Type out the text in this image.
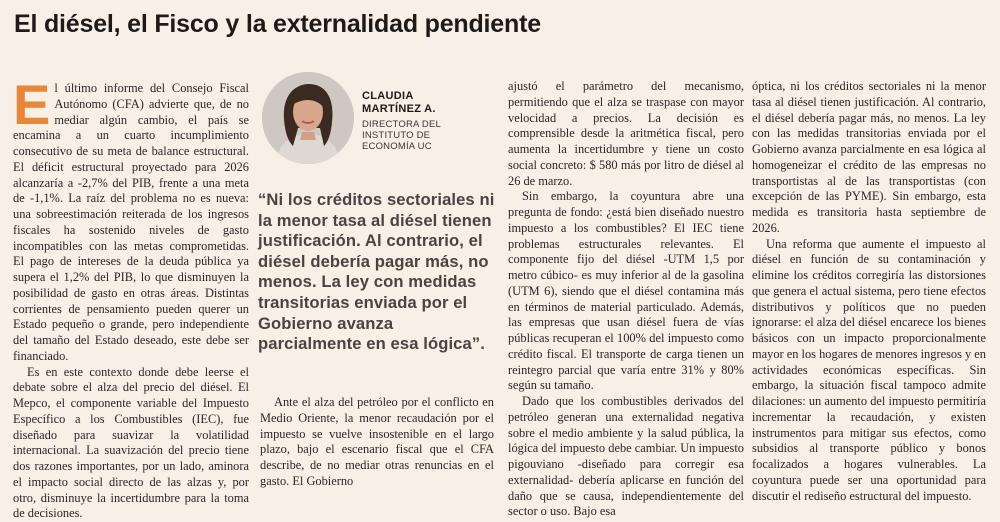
El diésel, el Fisco y la externalidad pendiente

El último informe del Consejo Fiscal Autónomo (CFA) advierte que, de no mediar algún cambio, el país se encamina a un cuarto incumplimiento consecutivo de su meta de balance estructural. El déficit estructural proyectado para 2026 alcanzaría a -2,7% del PIB, frente a una meta de -1,1%. La raíz del problema no es nueva: una sobreestimación reiterada de los ingresos fiscales ha sostenido niveles de gasto incompatibles con las metas comprometidas. El pago de intereses de la deuda pública ya supera el 1,2% del PIB, lo que disminuyen la posibilidad de gasto en otras áreas. Distintas corrientes de pensamiento pueden querer un Estado pequeño o grande, pero independiente del tamaño del Estado deseado, este debe ser financiado.

Es en este contexto donde debe leerse el debate sobre el alza del precio del diésel. El Mepco, el componente variable del Impuesto Específico a los Combustibles (IEC), fue diseñado para suavizar la volatilidad internacional. La suavización del precio tiene dos razones importantes, por un lado, aminora el impacto social directo de las alzas y, por otro, disminuye la incertidumbre para la toma de decisiones.

CLAUDIA
MARTÍNEZ A.
DIRECTORA DEL
INSTITUTO DE
ECONOMÍA UC
“Ni los créditos sectoriales ni la menor tasa al diésel tienen justificación. Al contrario, el diésel debería pagar más, no menos. La ley con medidas transitorias enviada por el Gobierno avanza parcialmente en esa lógica”.

Ante el alza del petróleo por el conflicto en Medio Oriente, la menor recaudación por el impuesto se vuelve insostenible en el largo plazo, bajo el escenario fiscal que el CFA describe, de no mediar otras renuncias en el gasto. El Gobierno

ajustó el parámetro del mecanismo, permitiendo que el alza se traspase con mayor velocidad a precios. La decisión es comprensible desde la aritmética fiscal, pero aumenta la incertidumbre y tiene un costo social concreto: $ 580 más por litro de diésel al 26 de marzo.

Sin embargo, la coyuntura abre una pregunta de fondo: ¿está bien diseñado nuestro impuesto a los combustibles? El IEC tiene problemas estructurales relevantes. El componente fijo del diésel -UTM 1,5 por metro cúbico- es muy inferior al de la gasolina (UTM 6), siendo que el diésel contamina más en términos de material particulado. Además, las empresas que usan diésel fuera de vías públicas recuperan el 100% del impuesto como crédito fiscal. El transporte de carga tienen un reintegro parcial que varía entre 31% y 80% según su tamaño.

Dado que los combustibles derivados del petróleo generan una externalidad negativa sobre el medio ambiente y la salud pública, la lógica del impuesto debe cambiar. Un impuesto pigouviano -diseñado para corregir esa externalidad- debería aplicarse en función del daño que se causa, independientemente del sector o uso. Bajo esa

óptica, ni los créditos sectoriales ni la menor tasa al diésel tienen justificación. Al contrario, el diésel debería pagar más, no menos. La ley con las medidas transitorias enviada por el Gobierno avanza parcialmente en esa lógica al homogeneizar el crédito de las empresas no transportistas al de las transportistas (con excepción de las PYME). Sin embargo, esta medida es transitoria hasta septiembre de 2026.

Una reforma que aumente el impuesto al diésel en función de su contaminación y elimine los créditos corregiría las distorsiones que genera el actual sistema, pero tiene efectos distributivos y políticos que no pueden ignorarse: el alza del diésel encarece los bienes básicos con un impacto proporcionalmente mayor en los hogares de menores ingresos y en actividades económicas específicas. Sin embargo, la situación fiscal tampoco admite dilaciones: un aumento del impuesto permitiría incrementar la recaudación, y existen instrumentos para mitigar sus efectos, como subsidios al transporte público y bonos focalizados a hogares vulnerables. La coyuntura puede ser una oportunidad para discutir el rediseño estructural del impuesto.
